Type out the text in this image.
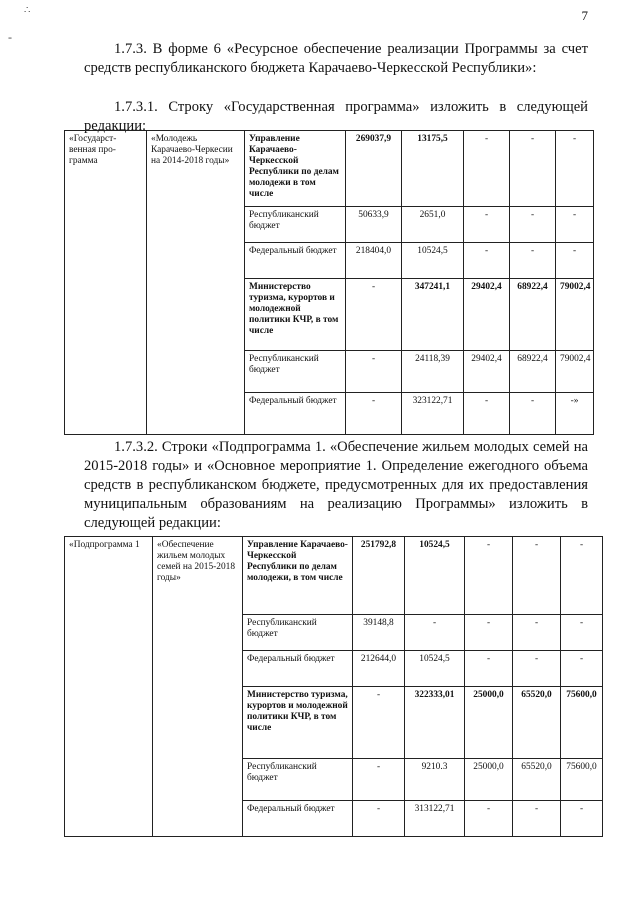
∴
-
7

1.7.3. В форме 6 «Ресурсное обеспечение реализации Программы за счет средств республиканского бюджета Карачаево-Черкесской Республики»:

1.7.3.1. Строку «Государственная программа» изложить в следующей редакции:

«Государст-венная про-грамма	«Молодежь Карачаево-Черкесии на 2014-2018 годы»	Управление Карачаево-Черкесской Республики по делам молодежи в том числе	269037,9	13175,5	-	-	-
		Республиканский бюджет	50633,9	2651,0	-	-	-
		Федеральный бюджет	218404,0	10524,5	-	-	-
		Министерство туризма, курортов и молодежной политики КЧР, в том числе	-	347241,1	29402,4	68922,4	79002,4
		Республиканский бюджет	-	24118,39	29402,4	68922,4	79002,4
		Федеральный бюджет	-	323122,71	-	-	-»

1.7.3.2. Строки «Подпрограмма 1. «Обеспечение жильем молодых семей на 2015-2018 годы» и «Основное мероприятие 1. Определение ежегодного объема средств в республиканском бюджете, предусмотренных для их предоставления муниципальным образованиям на реализацию Программы» изложить в следующей редакции:

«Подпрограмма 1	«Обеспечение жильем молодых семей на 2015-2018 годы»	Управление Карачаево-Черкесской Республики по делам молодежи, в том числе	251792,8	10524,5	-	-	-
		Республиканский бюджет	39148,8	-	-	-	-
		Федеральный бюджет	212644,0	10524,5	-	-	-
		Министерство туризма, курортов и молодежной политики КЧР, в том числе	-	322333,01	25000,0	65520,0	75600,0
		Республиканский бюджет	-	9210.3	25000,0	65520,0	75600,0
		Федеральный бюджет	-	313122,71	-	-	-
